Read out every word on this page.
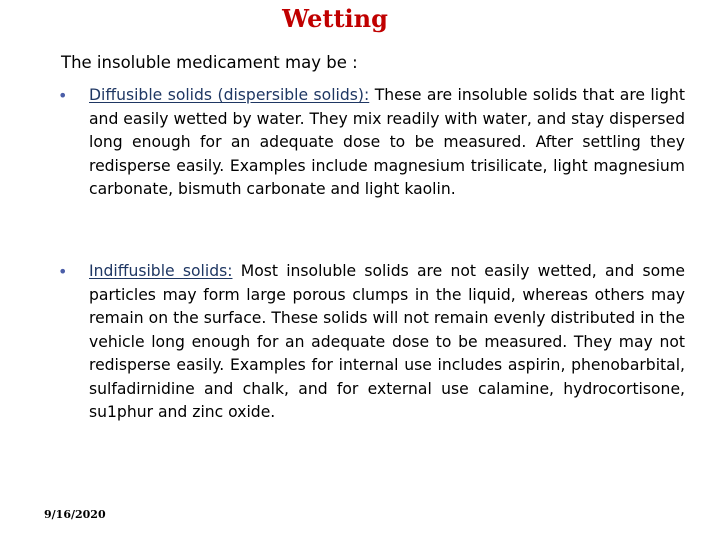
Wetting
The insoluble medicament may be :
• Diffusible solids (dispersible solids): These are insoluble solids that are light and easily wetted by water. They mix readily with water, and stay dispersed long enough for an adequate dose to be measured. After settling they redisperse easily. Examples include magnesium trisilicate, light magnesium carbonate, bismuth carbonate and light kaolin.
• Indiffusible solids: Most insoluble solids are not easily wetted, and some particles may form large porous clumps in the liquid, whereas others may remain on the surface. These solids will not remain evenly distributed in the vehicle long enough for an adequate dose to be measured. They may not redisperse easily. Examples for internal use includes aspirin, phenobarbital, sulfadirnidine and chalk, and for external use calamine, hydrocortisone, su1phur and zinc oxide.
9/16/2020
